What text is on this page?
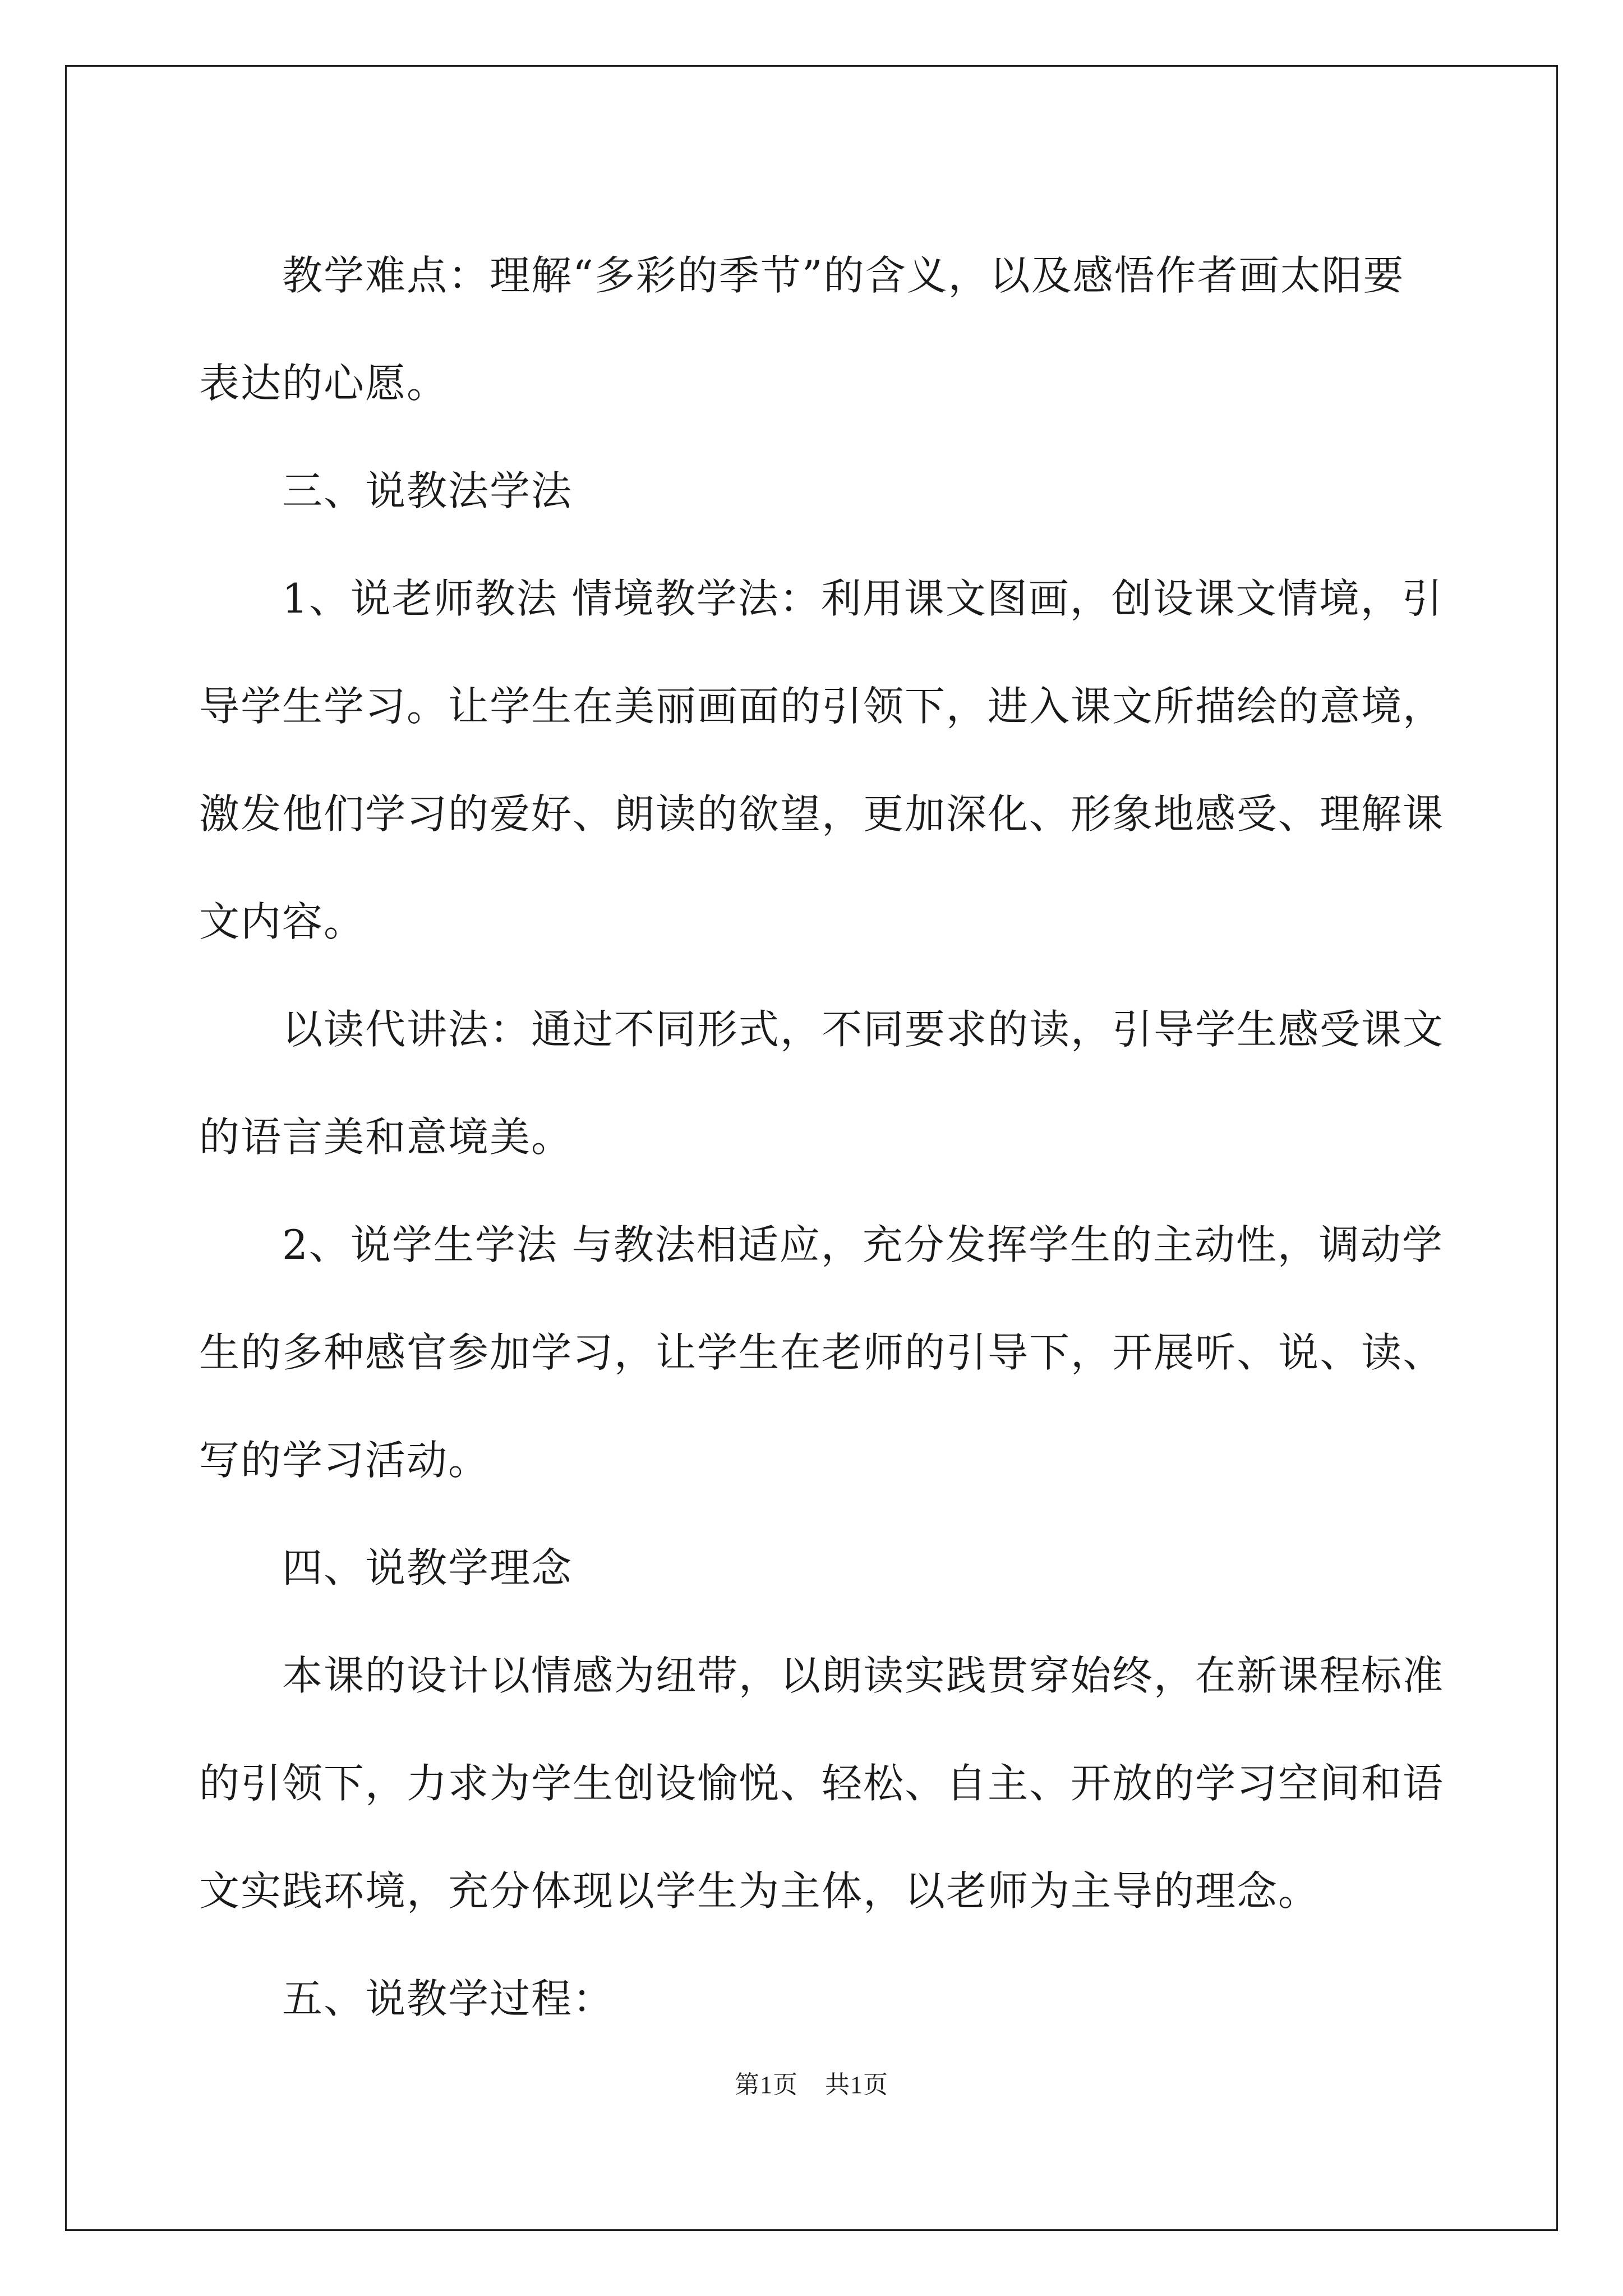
教学难点：理解“多彩的季节”的含义，以及感悟作者画太阳要
表达的心愿。

三、说教法学法

1、说老师教法 情境教学法：利用课文图画，创设课文情境，引
导学生学习。让学生在美丽画面的引领下，进入课文所描绘的意境，
激发他们学习的爱好、朗读的欲望，更加深化、形象地感受、理解课
文内容。

以读代讲法：通过不同形式，不同要求的读，引导学生感受课文
的语言美和意境美。

2、说学生学法 与教法相适应，充分发挥学生的主动性，调动学
生的多种感官参加学习，让学生在老师的引导下，开展听、说、读、
写的学习活动。

四、说教学理念

本课的设计以情感为纽带，以朗读实践贯穿始终，在新课程标准
的引领下，力求为学生创设愉悦、轻松、自主、开放的学习空间和语
文实践环境，充分体现以学生为主体，以老师为主导的理念。

五、说教学过程：

第1页 共1页
